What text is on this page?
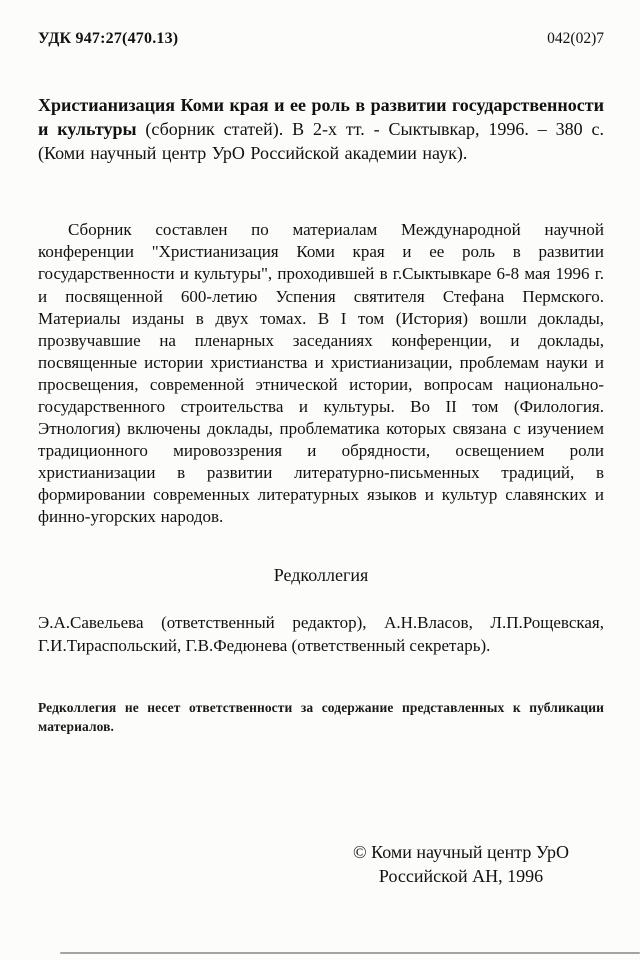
УДК 947:27(470.13)	042(02)7

Христианизация Коми края и ее роль в развитии государственности и культуры (сборник статей). В 2-х тт. - Сыктывкар, 1996. – 380 с. (Коми научный центр УрО Российской академии наук).

Сборник составлен по материалам Международной научной конференции "Христианизация Коми края и ее роль в развитии государственности и культуры", проходившей в г.Сыктывкаре 6-8 мая 1996 г. и посвященной 600-летию Успения святителя Стефана Пермского. Материалы изданы в двух томах. В I том (История) вошли доклады, прозвучавшие на пленарных заседаниях конференции, и доклады, посвященные истории христианства и христианизации, проблемам науки и просвещения, современной этнической истории, вопросам национально-государственного строительства и культуры. Во II том (Филология. Этнология) включены доклады, проблематика которых связана с изучением традиционного мировоззрения и обрядности, освещением роли христианизации в развитии литературно-письменных традиций, в формировании современных литературных языков и культур славянских и финно-угорских народов.

Редколлегия

Э.А.Савельева (ответственный редактор), А.Н.Власов, Л.П.Рощевская, Г.И.Тираспольский, Г.В.Федюнева (ответственный секретарь).

Редколлегия не несет ответственности за содержание представленных к публикации материалов.

© Коми научный центр УрО
Российской АН, 1996
